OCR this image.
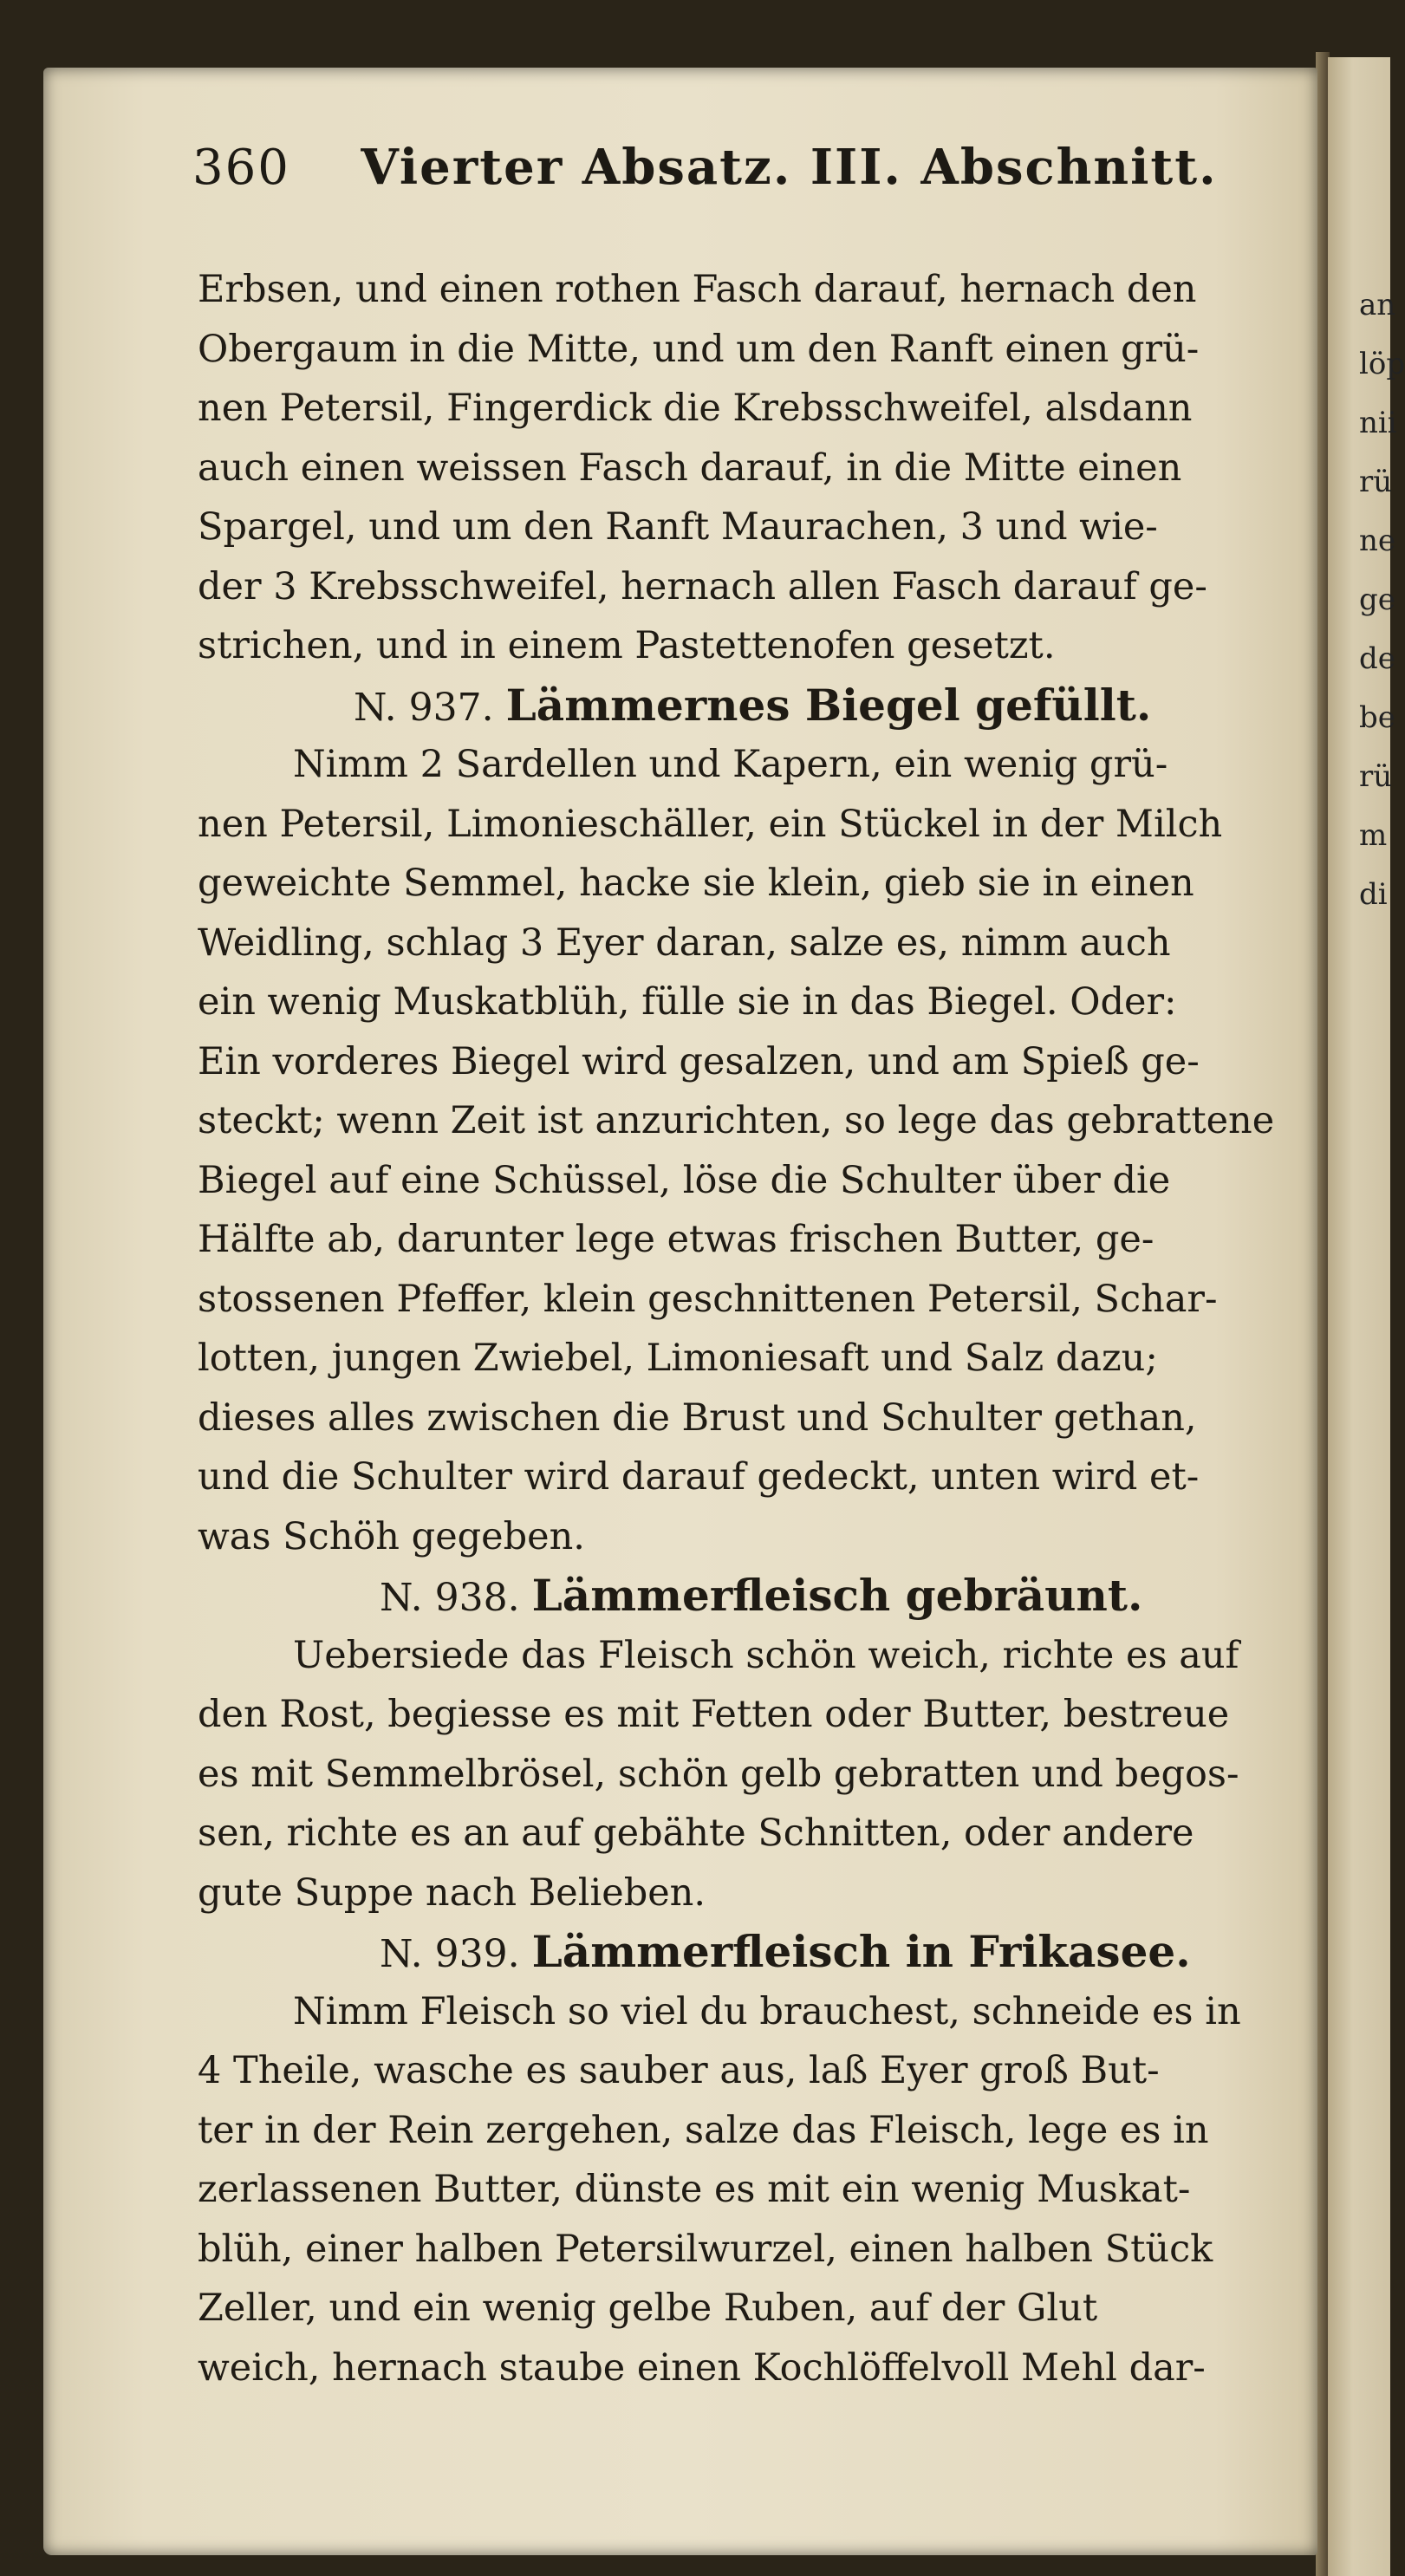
an
löp
nii
rü
ne
ge
de
be
rü
m
di
360 Vierter Absatz. III. Abschnitt.
Erbsen, und einen rothen Fasch darauf, hernach den
Obergaum in die Mitte, und um den Ranft einen grü-
nen Petersil, Fingerdick die Krebsschweifel, alsdann
auch einen weissen Fasch darauf, in die Mitte einen
Spargel, und um den Ranft Maurachen, 3 und wie-
der 3 Krebsschweifel, hernach allen Fasch darauf ge-
strichen, und in einem Pastettenofen gesetzt.
N. 937. Lämmernes Biegel gefüllt.
Nimm 2 Sardellen und Kapern, ein wenig grü-
nen Petersil, Limonieschäller, ein Stückel in der Milch
geweichte Semmel, hacke sie klein, gieb sie in einen
Weidling, schlag 3 Eyer daran, salze es, nimm auch
ein wenig Muskatblüh, fülle sie in das Biegel. Oder:
Ein vorderes Biegel wird gesalzen, und am Spieß ge-
steckt; wenn Zeit ist anzurichten, so lege das gebrattene
Biegel auf eine Schüssel, löse die Schulter über die
Hälfte ab, darunter lege etwas frischen Butter, ge-
stossenen Pfeffer, klein geschnittenen Petersil, Schar-
lotten, jungen Zwiebel, Limoniesaft und Salz dazu;
dieses alles zwischen die Brust und Schulter gethan,
und die Schulter wird darauf gedeckt, unten wird et-
was Schöh gegeben.
N. 938. Lämmerfleisch gebräunt.
Uebersiede das Fleisch schön weich, richte es auf
den Rost, begiesse es mit Fetten oder Butter, bestreue
es mit Semmelbrösel, schön gelb gebratten und begos-
sen, richte es an auf gebähte Schnitten, oder andere
gute Suppe nach Belieben.
N. 939. Lämmerfleisch in Frikasee.
Nimm Fleisch so viel du brauchest, schneide es in
4 Theile, wasche es sauber aus, laß Eyer groß But-
ter in der Rein zergehen, salze das Fleisch, lege es in
zerlassenen Butter, dünste es mit ein wenig Muskat-
blüh, einer halben Petersilwurzel, einen halben Stück
Zeller, und ein wenig gelbe Ruben, auf der Glut
weich, hernach staube einen Kochlöffelvoll Mehl dar-
